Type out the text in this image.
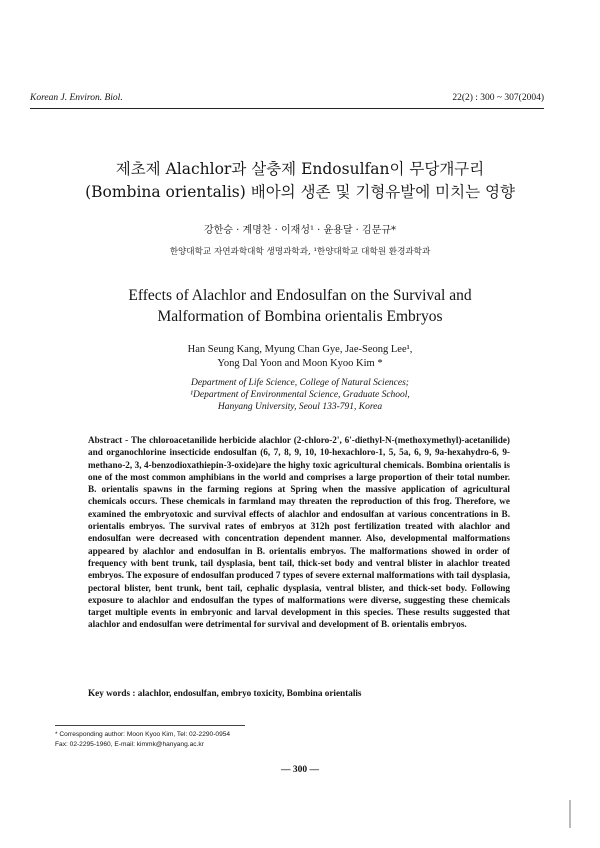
Korean J. Environ. Biol.	22(2) : 300 ~ 307(2004)
제초제 Alachlor과 살충제 Endosulfan이 무당개구리
(Bombina orientalis) 배아의 생존 및 기형유발에 미치는 영향
강한승 · 계명찬 · 이재성¹ · 윤용달 · 김문규*
한양대학교 자연과학대학 생명과학과, ¹한양대학교 대학원 환경과학과
Effects of Alachlor and Endosulfan on the Survival and
Malformation of Bombina orientalis Embryos
Han Seung Kang, Myung Chan Gye, Jae-Seong Lee¹,
Yong Dal Yoon and Moon Kyoo Kim *
Department of Life Science, College of Natural Sciences;
¹Department of Environmental Science, Graduate School,
Hanyang University, Seoul 133-791, Korea
Abstract - The chloroacetanilide herbicide alachlor (2-chloro-2', 6'-diethyl-N-(methoxymethyl)-acetanilide) and organochlorine insecticide endosulfan (6, 7, 8, 9, 10, 10-hexachloro-1, 5, 5a, 6, 9, 9a-hexahydro-6, 9-methano-2, 3, 4-benzodioxathiepin-3-oxide)are the highy toxic agricultural chemicals. Bombina orientalis is one of the most common amphibians in the world and comprises a large proportion of their total number. B. orientalis spawns in the farming regions at Spring when the massive application of agricultural chemicals occurs. These chemicals in farmland may threaten the reproduction of this frog. Therefore, we examined the embryotoxic and survival effects of alachlor and endosulfan at various concentrations in B. orientalis embryos. The survival rates of embryos at 312h post fertilization treated with alachlor and endosulfan were decreased with concentration dependent manner. Also, developmental malformations appeared by alachlor and endosulfan in B. orientalis embryos. The malformations showed in order of frequency with bent trunk, tail dysplasia, bent tail, thick-set body and ventral blister in alachlor treated embryos. The exposure of endosulfan produced 7 types of severe external malformations with tail dysplasia, pectoral blister, bent trunk, bent tail, cephalic dysplasia, ventral blister, and thick-set body. Following exposure to alachlor and endosulfan the types of malformations were diverse, suggesting these chemicals target multiple events in embryonic and larval development in this species. These results suggested that alachlor and endosulfan were detrimental for survival and development of B. orientalis embryos.
Key words : alachlor, endosulfan, embryo toxicity, Bombina orientalis
* Corresponding author: Moon Kyoo Kim, Tel: 02-2290-0954
Fax: 02-2295-1960, E-mail: kimmk@hanyang.ac.kr
— 300 —
